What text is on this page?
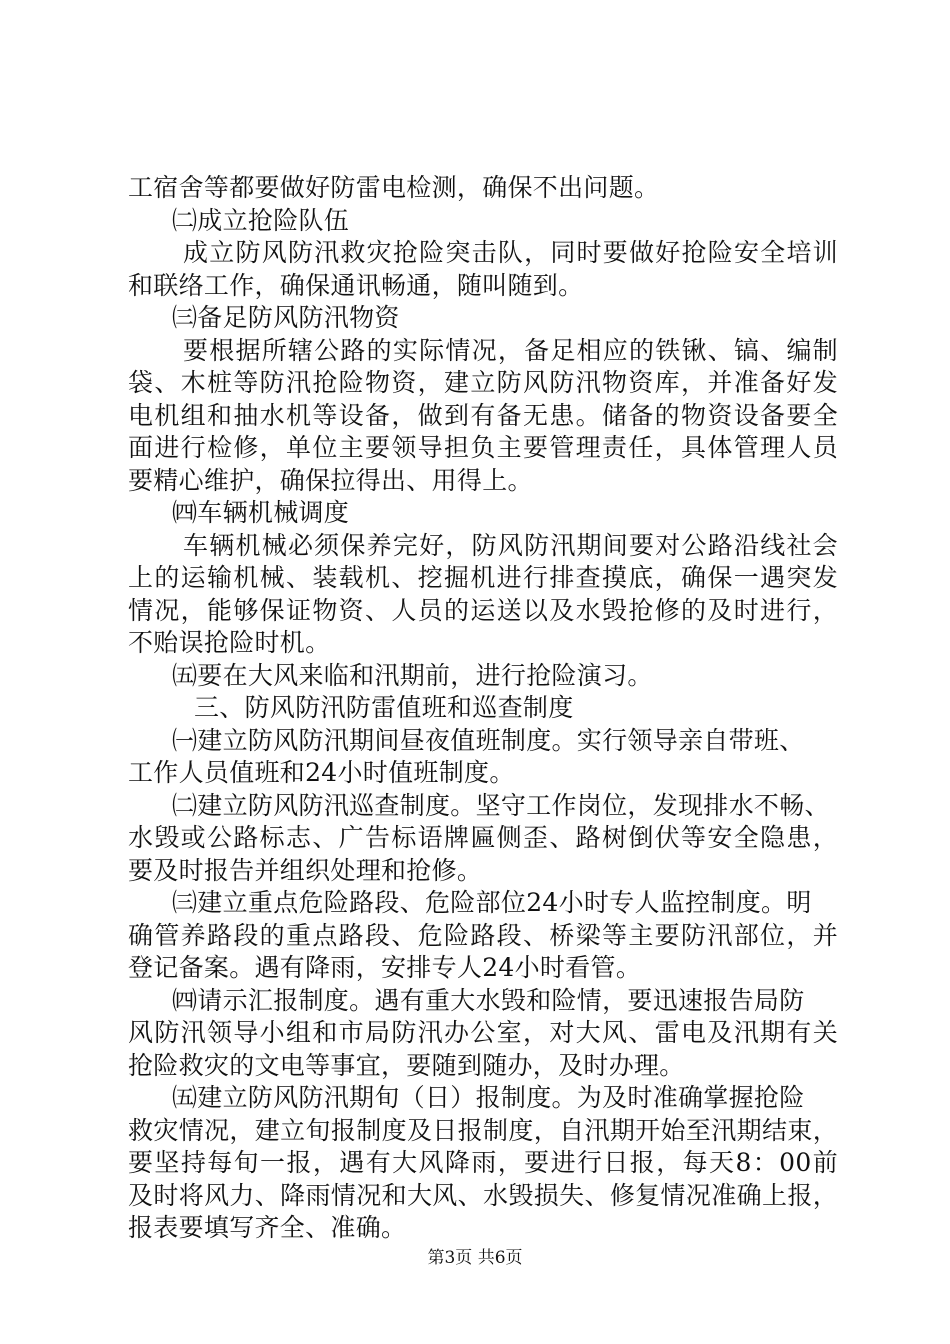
工宿舍等都要做好防雷电检测，确保不出问题。
㈡成立抢险队伍
成立防风防汛救灾抢险突击队，同时要做好抢险安全培训
和联络工作，确保通讯畅通，随叫随到。
㈢备足防风防汛物资
要根据所辖公路的实际情况，备足相应的铁锹、镐、编制
袋、木桩等防汛抢险物资，建立防风防汛物资库，并准备好发
电机组和抽水机等设备，做到有备无患。储备的物资设备要全
面进行检修，单位主要领导担负主要管理责任，具体管理人员
要精心维护，确保拉得出、用得上。
㈣车辆机械调度
车辆机械必须保养完好，防风防汛期间要对公路沿线社会
上的运输机械、装载机、挖掘机进行排查摸底，确保一遇突发
情况，能够保证物资、人员的运送以及水毁抢修的及时进行，
不贻误抢险时机。
㈤要在大风来临和汛期前，进行抢险演习。
三、防风防汛防雷值班和巡查制度
㈠建立防风防汛期间昼夜值班制度。实行领导亲自带班、
工作人员值班和24小时值班制度。
㈡建立防风防汛巡查制度。坚守工作岗位，发现排水不畅、
水毁或公路标志、广告标语牌匾侧歪、路树倒伏等安全隐患，
要及时报告并组织处理和抢修。
㈢建立重点危险路段、危险部位24小时专人监控制度。明
确管养路段的重点路段、危险路段、桥梁等主要防汛部位，并
登记备案。遇有降雨，安排专人24小时看管。
㈣请示汇报制度。遇有重大水毁和险情，要迅速报告局防
风防汛领导小组和市局防汛办公室，对大风、雷电及汛期有关
抢险救灾的文电等事宜，要随到随办，及时办理。
㈤建立防风防汛期旬（日）报制度。为及时准确掌握抢险
救灾情况，建立旬报制度及日报制度，自汛期开始至汛期结束，
要坚持每旬一报，遇有大风降雨，要进行日报，每天8：00前
及时将风力、降雨情况和大风、水毁损失、修复情况准确上报，
报表要填写齐全、准确。
第3页 共6页
